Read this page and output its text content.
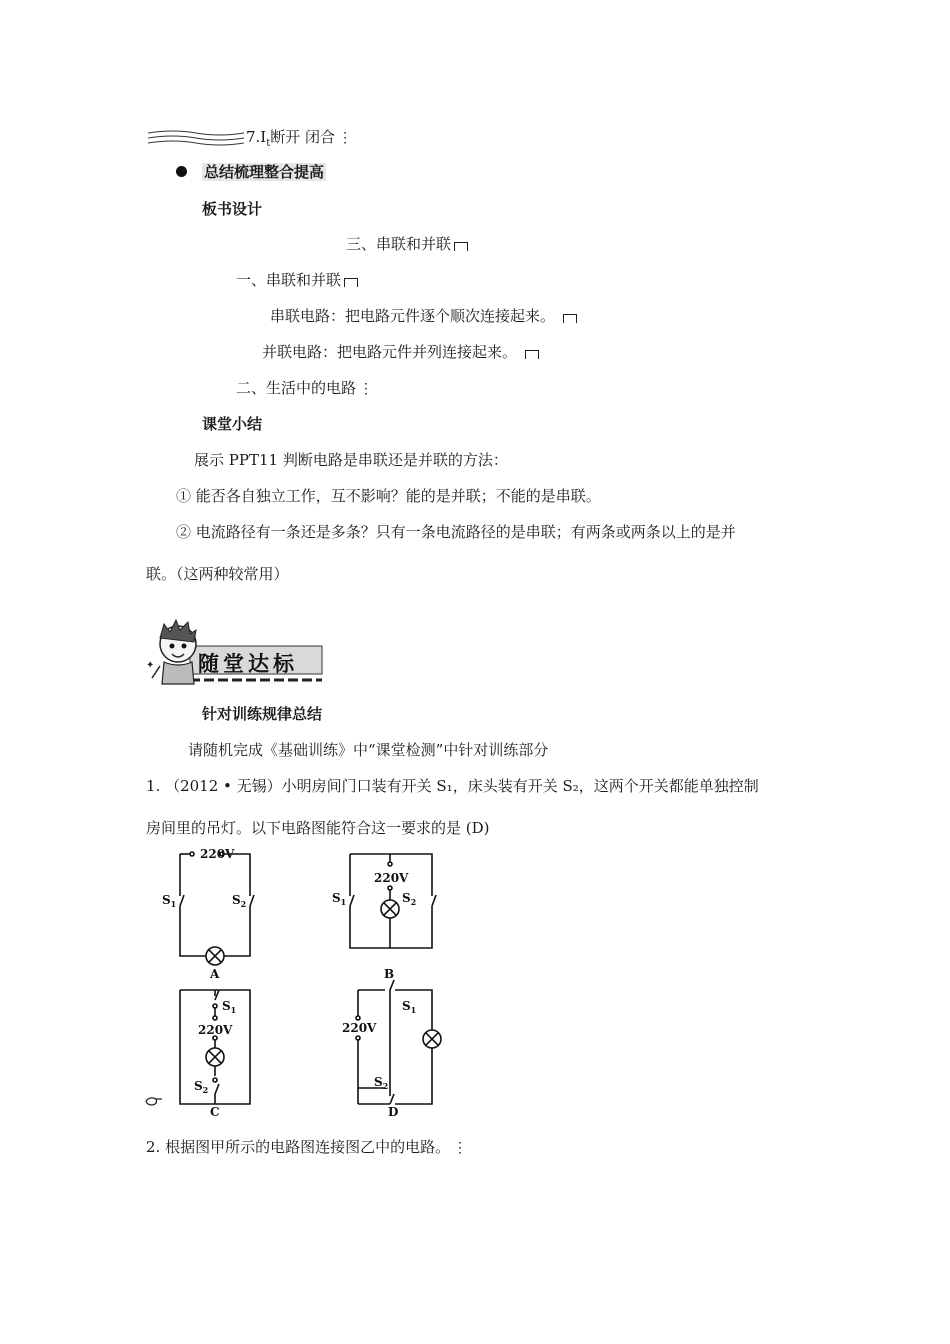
$7.I_t$断开 闭合 ⋮
总结梳理整合提高
板书设计
三、串联和并联
一、串联和并联
串联电路：把电路元件逐个顺次连接起来。
并联电路：把电路元件并列连接起来。
二、生活中的电路 ⋮
课堂小结
展示 PPT11 判断电路是串联还是并联的方法：
① 能否各自独立工作，互不影响？能的是并联；不能的是串联。
② 电流路径有一条还是多条？只有一条电流路径的是串联；有两条或两条以上的是并
联。（这两种较常用）
✦ 随堂达标
针对训练规律总结
请随机完成《基础训练》中“课堂检测”中针对训练部分
1. （2012 • 无锡）小明房间门口装有开关 S₁，床头装有开关 S₂，这两个开关都能单独控制
房间里的吊灯。以下电路图能符合这一要求的是 (D)
220V
$S_1$	$S_2$
A
220V
$S_1$	$S_2$
B
$S_1$
220V
$S_2$
C
$S_1$
220V
$S_2$
D
2. 根据图甲所示的电路图连接图乙中的电路。 ⋮
